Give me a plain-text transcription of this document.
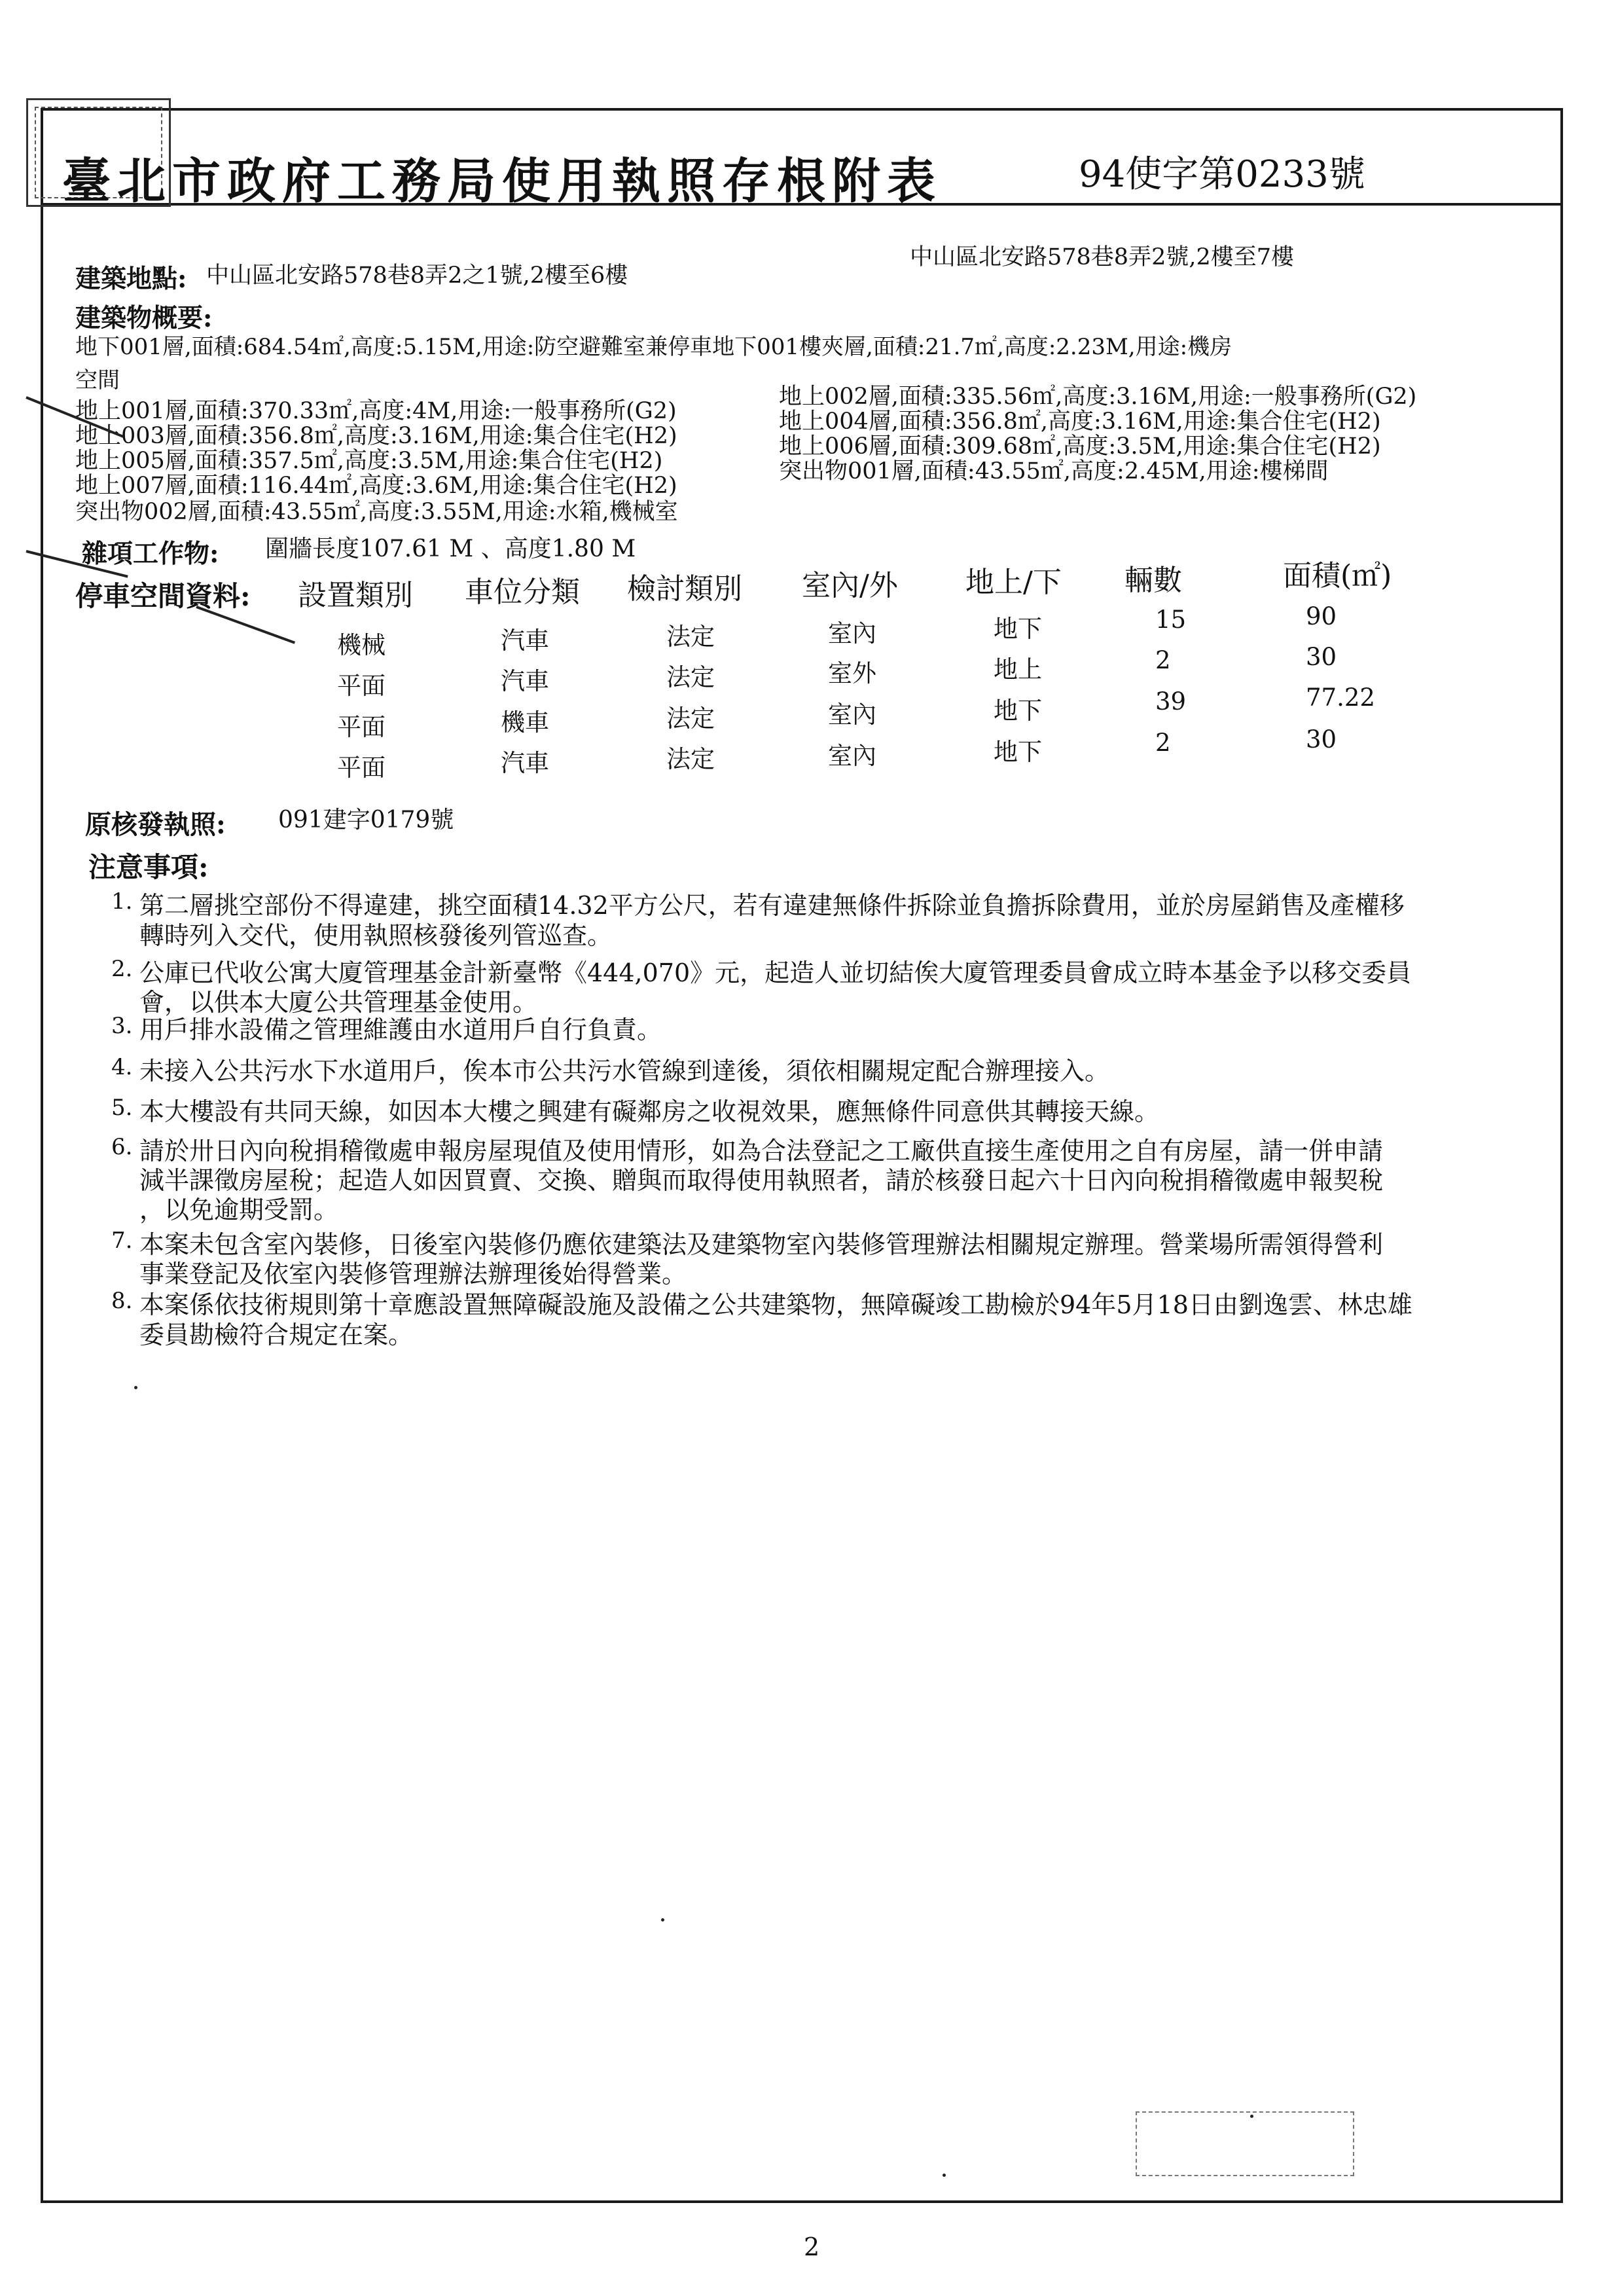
臺北市政府工務局使用執照存根附表	94使字第0233號
建築地點: 中山區北安路578巷8弄2之1號,2樓至6樓
中山區北安路578巷8弄2號,2樓至7樓
建築物概要:
地下001層,面積:684.54㎡,高度:5.15M,用途:防空避難室兼停車地下001樓夾層,面積:21.7㎡,高度:2.23M,用途:機房
空間
地上001層,面積:370.33㎡,高度:4M,用途:一般事務所(G2)
地上003層,面積:356.8㎡,高度:3.16M,用途:集合住宅(H2)
地上005層,面積:357.5㎡,高度:3.5M,用途:集合住宅(H2)
地上007層,面積:116.44㎡,高度:3.6M,用途:集合住宅(H2)
突出物002層,面積:43.55㎡,高度:3.55M,用途:水箱,機械室
地上002層,面積:335.56㎡,高度:3.16M,用途:一般事務所(G2)
地上004層,面積:356.8㎡,高度:3.16M,用途:集合住宅(H2)
地上006層,面積:309.68㎡,高度:3.5M,用途:集合住宅(H2)
突出物001層,面積:43.55㎡,高度:2.45M,用途:樓梯間
雜項工作物: 圍牆長度107.61 M 、高度1.80 M
停車空間資料: 設置類別 車位分類 檢討類別 室內/外 地上/下 輛數	面積(㎡)
機械	汽車	法定	室內	地下	15	90
平面	汽車	法定	室外	地上	2	30
平面	機車	法定	室內	地下	39	77.22
平面	汽車	法定	室內	地下	2	30
原核發執照: 091建字0179號
注意事項:
1. 第二層挑空部份不得違建，挑空面積14.32平方公尺，若有違建無條件拆除並負擔拆除費用，並於房屋銷售及產權移
轉時列入交代，使用執照核發後列管巡查。
2. 公庫已代收公寓大廈管理基金計新臺幣《444,070》元，起造人並切結俟大廈管理委員會成立時本基金予以移交委員
會，以供本大廈公共管理基金使用。
3. 用戶排水設備之管理維護由水道用戶自行負責。
4. 未接入公共污水下水道用戶，俟本市公共污水管線到達後，須依相關規定配合辦理接入。
5. 本大樓設有共同天線，如因本大樓之興建有礙鄰房之收視效果，應無條件同意供其轉接天線。
6. 請於卅日內向稅捐稽徵處申報房屋現值及使用情形，如為合法登記之工廠供直接生產使用之自有房屋，請一併申請
減半課徵房屋稅；起造人如因買賣、交換、贈與而取得使用執照者，請於核發日起六十日內向稅捐稽徵處申報契稅
，以免逾期受罰。
7. 本案未包含室內裝修，日後室內裝修仍應依建築法及建築物室內裝修管理辦法相關規定辦理。營業場所需領得營利
事業登記及依室內裝修管理辦法辦理後始得營業。
8. 本案係依技術規則第十章應設置無障礙設施及設備之公共建築物，無障礙竣工勘檢於94年5月18日由劉逸雲、林忠雄
委員勘檢符合規定在案。
2
